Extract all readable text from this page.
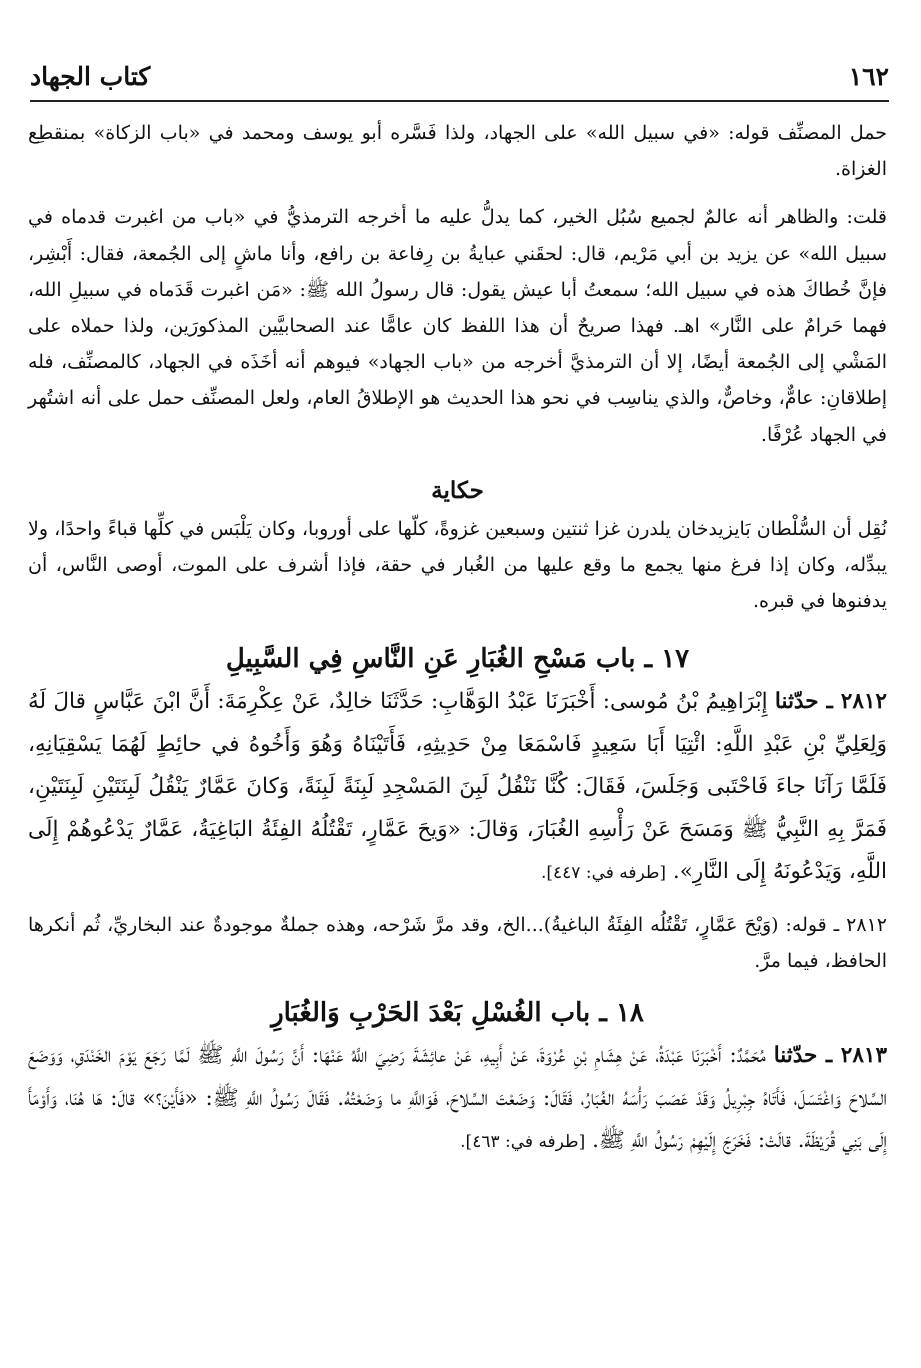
١٦٢
كتاب الجهاد

حمل المصنِّف قوله: «في سبيل الله» على الجهاد، ولذا فَسَّره أبو يوسف ومحمد في «باب الزكاة» بمنقطِع الغزاة.

قلت: والظاهر أنه عالمٌ لجميع سُبُل الخير، كما يدلُّ عليه ما أخرجه الترمذيُّ في «باب من اغبرت قدماه في سبيل الله» عن يزيد بن أبي مَرْيم، قال: لحقَني عبايةُ بن رِفاعة بن رافع، وأنا ماشٍ إلى الجُمعة، فقال: أَبْشِر، فإنَّ خُطاكَ هذه في سبيل الله؛ سمعتُ أبا عيش يقول: قال رسولُ الله ﷺ: «مَن اغبرت قَدَماه في سبيلِ الله، فهما حَرامٌ على النَّار» اهـ. فهذا صريحٌ أن هذا اللفظ كان عامًّا عند الصحابيَّين المذكورَين، ولذا حملاه على المَشْي إلى الجُمعة أيضًا، إلا أن الترمذيَّ أخرجه من «باب الجهاد» فيوهم أنه أخَذَه في الجهاد، كالمصنِّف، فله إطلاقانِ: عامٌّ، وخاصٌّ، والذي يناسِب في نحو هذا الحديث هو الإطلاقُ العام، ولعل المصنِّف حمل على أنه اشتُهر في الجهاد عُرْفًا.

حكاية

نُقِل أن السُّلْطان بَايزيدخان يلدرن غزا ثنتين وسبعين غزوةً، كلّها على أوروبا، وكان يَلْبَس في كلِّها قباءً واحدًا، ولا يبدِّله، وكان إذا فرغ منها يجمع ما وقع عليها من الغُبار في حقة، فإذا أشرف على الموت، أوصى النَّاس، أن يدفنوها في قبره.

١٧ ـ باب مَسْحِ الغُبَارِ عَنِ النَّاسِ فِي السَّبِيلِ

٢٨١٢ ـ حدّثنا إِبْرَاهِيمُ بْنُ مُوسى: أَخْبَرَنَا عَبْدُ الوَهَّابِ: حَدَّثَنَا خالِدٌ، عَنْ عِكْرِمَةَ: أَنَّ ابْنَ عَبَّاسٍ قالَ لَهُ وَلِعَلِيِّ بْنِ عَبْدِ اللَّهِ: ائْتِيَا أَبَا سَعِيدٍ فَاسْمَعَا مِنْ حَدِيثِهِ، فَأَتَيْنَاهُ وَهُوَ وَأَخُوهُ في حائِطٍ لَهُمَا يَسْقِيَانِهِ، فَلَمَّا رَآنَا جاءَ فَاحْتَبى وَجَلَسَ، فَقَالَ: كُنَّا نَنْقُلُ لَبِنَ المَسْجِدِ لَبِنَةً لَبِنَةً، وَكانَ عَمَّارٌ يَنْقُلُ لَبِنَتَيْنِ لَبِنَتَيْنِ، فَمَرَّ بِهِ النَّبِيُّ ﷺ وَمَسَحَ عَنْ رَأْسِهِ الغُبَارَ، وَقالَ: «وَيحَ عَمَّارٍ، تَقْتُلُهُ الفِئَةُ البَاغِيَةُ، عَمَّارٌ يَدْعُوهُمْ إِلَى اللَّهِ، وَيَدْعُونَهُ إِلَى النَّارِ». [طرفه في: ٤٤٧].

٢٨١٢ ـ قوله: (وَيْحَ عَمَّارٍ، تَقْتُلُه الفِئَةُ الباغيةُ)...الخ، وقد مرَّ شَرْحه، وهذه جملةٌ موجودةٌ عند البخاريِّ، ثُم أنكرها الحافظ، فيما مرَّ.

١٨ ـ باب الغُسْلِ بَعْدَ الحَرْبِ وَالغُبَارِ

٢٨١٣ ـ حدّثنا مُحَمَّدٌ: أَخْبَرَنَا عَبْدَةُ، عَنْ هِشَامِ بْنِ عُرْوَةَ، عَنْ أَبِيهِ، عَنْ عائِشَةَ رَضِيَ اللَّهُ عَنْهَا: أَنَّ رَسُولَ اللَّهِ ﷺ لَمَّا رَجَعَ يَوْمَ الخَنْدَقِ، وَوَضَعَ السِّلاحَ وَاغْتَسَلَ، فَأَتَاهُ جِبْرِيلُ وَقَدْ عَصَبَ رَأْسَهُ الغُبَارُ، فَقَالَ: وَضَعْتَ السِّلاحَ، فَوَاللَّهِ ما وَضَعْتُهُ. فَقَالَ رَسُولُ اللَّهِ ﷺ: «فَأَيْنَ؟» قالَ: هَا هُنَا، وَأَوْمَأَ إِلَى بَنِي قُرَيْظَةَ. قالَتْ: فَخَرَجَ إِلَيْهِمْ رَسُولُ اللَّهِ ﷺ. [طرفه في: ٤٦٣].
